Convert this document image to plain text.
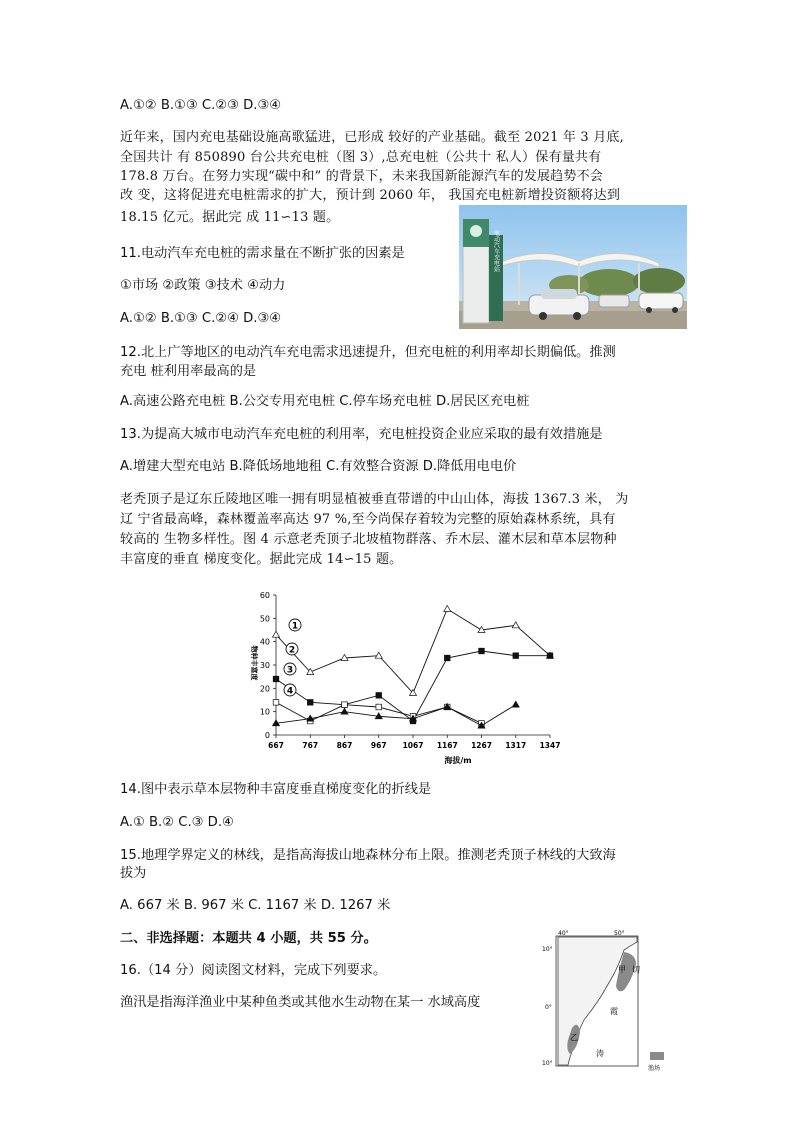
A.①② B.①③ C.②③ D.③④
近年来，国内充电基础设施高歌猛进，已形成 较好的产业基础。截至 2021 年 3 月底,
全国共计 有 850890 台公共充电桩（图 3）,总充电桩（公共十 私人）保有量共有
178.8 万台。在努力实现“碳中和” 的背景下，未来我国新能源汽车的发展趋势不会
改 变，这将促进充电桩需求的扩大，预计到 2060 年， 我国充电桩新增投资额将达到
18.15 亿元。据此完 成 11∽13 题。
11.电动汽车充电桩的需求量在不断扩张的因素是
①市场 ②政策 ③技术 ④动力
A.①② B.①③ C.②④ D.③④
12.北上广等地区的电动汽车充电需求迅速提升，但充电桩的利用率却长期偏低。推测
充电 桩利用率最高的是
A.高速公路充电桩 B.公交专用充电桩 C.停车场充电桩 D.居民区充电桩
13.为提高大城市电动汽车充电桩的利用率，充电桩投资企业应采取的最有效措施是
A.增建大型充电站 B.降低场地地租 C.有效整合资源 D.降低用电电价
老秃顶子是辽东丘陵地区唯一拥有明显植被垂直带谱的中山山体，海拔 1367.3 米， 为
辽 宁省最高峰，森林覆盖率高达 97 %,至今尚保存着较为完整的原始森林系统，具有
较高的 生物多样性。图 4 示意老秃顶子北坡植物群落、乔木层、灌木层和草本层物种
丰富度的垂直 梯度变化。据此完成 14∽15 题。
14.图中表示草本层物种丰富度垂直梯度变化的折线是
A.① B.② C.③ D.④
15.地理学界定义的林线，是指高海拔山地森林分布上限。推测老秃顶子林线的大致海
拔为
A. 667 米 B. 967 米 C. 1167 米 D. 1267 米
二、非选择题：本题共 4 小题，共 55 分。
16.（14 分）阅读图文材料，完成下列要求。
渔汛是指海洋渔业中某种鱼类或其他水生动物在某一 水域高度
电动汽车充电站
0
10
20
30
40
50
60
667 767 867 967 1067 1167 1267 1317 1347
1
2
3
4
海拔/m
物种丰富度
40°	50°
10°
0°
10°
甲 切
乙
霞
涛
渔场
